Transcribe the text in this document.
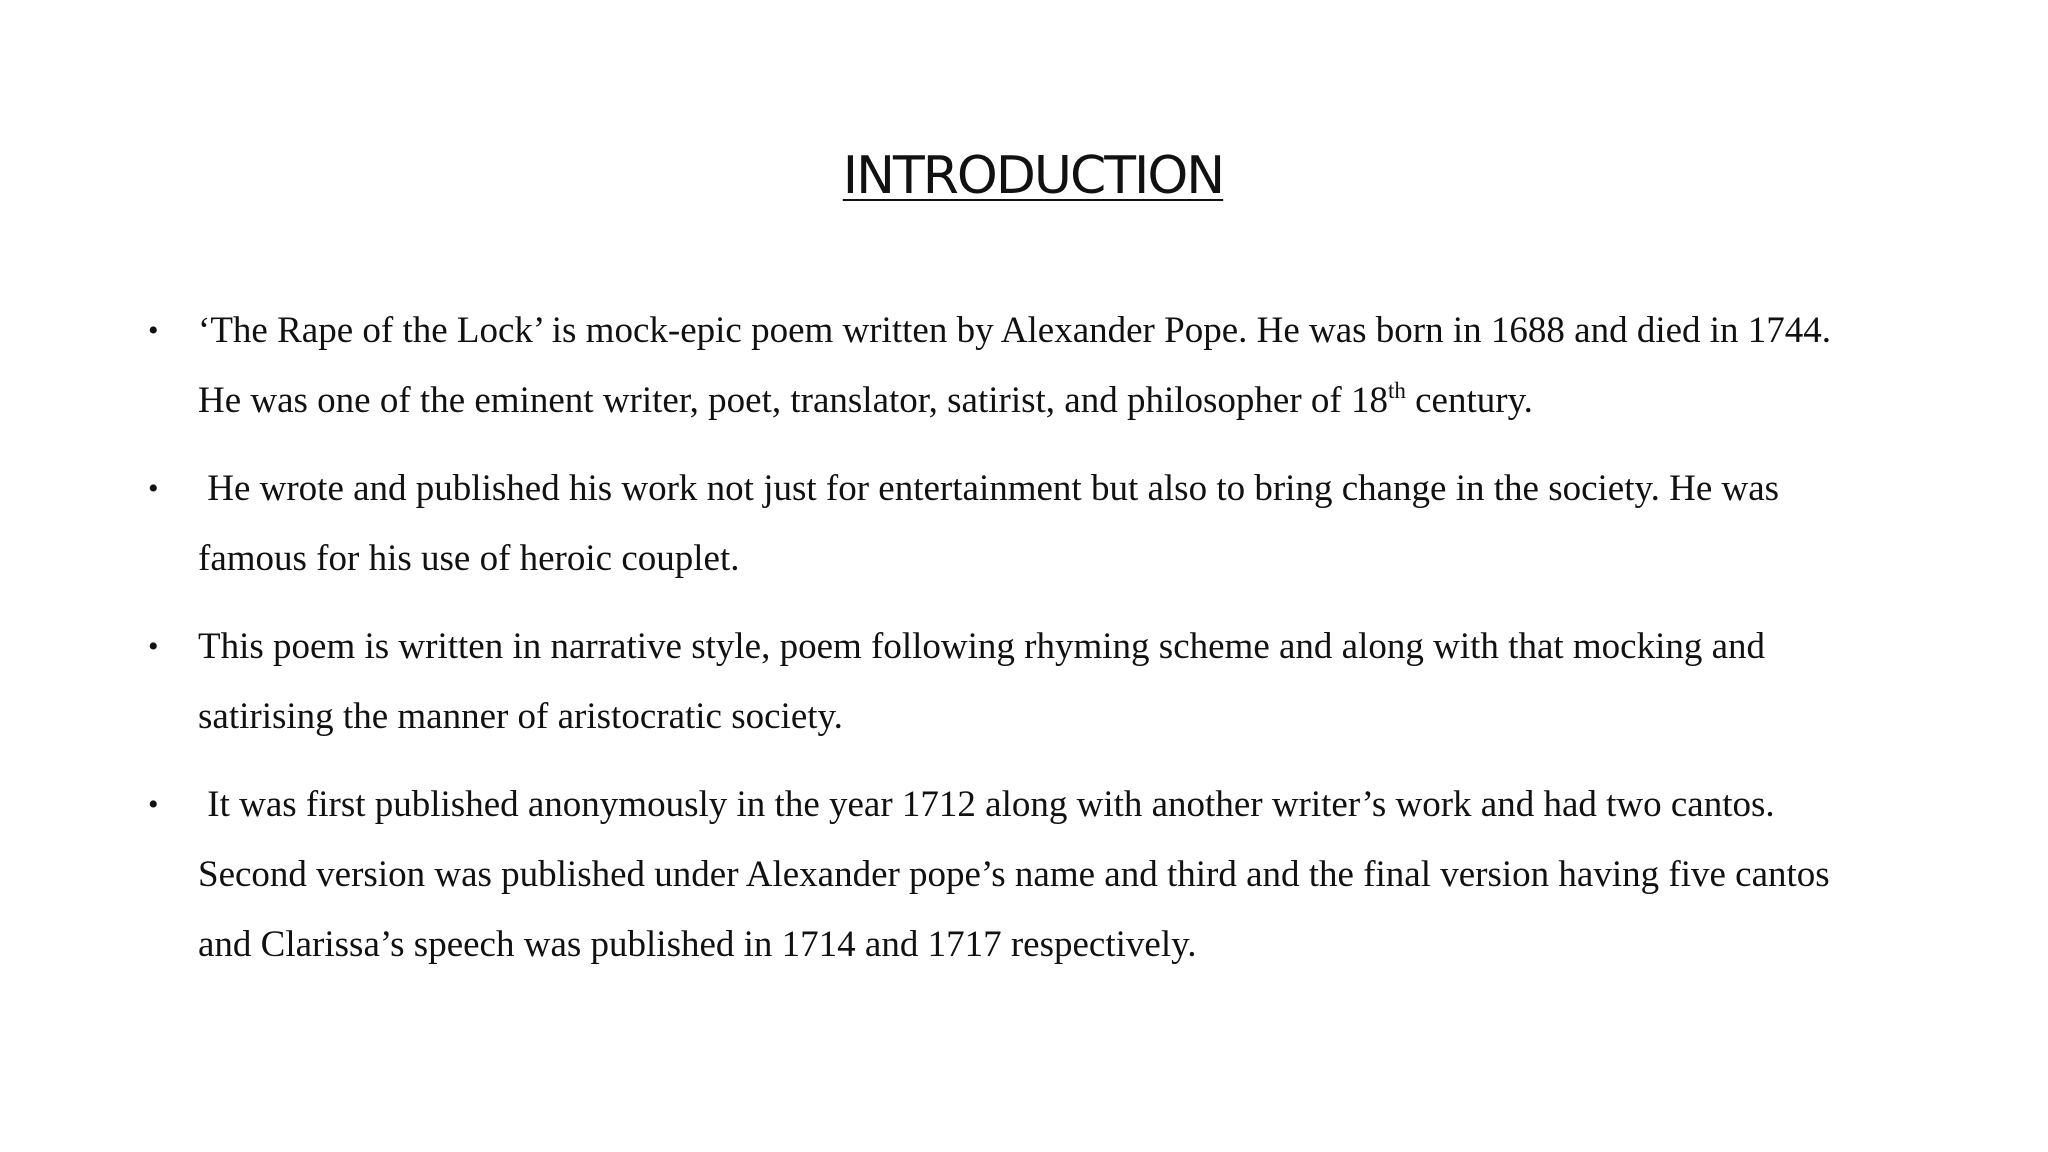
INTRODUCTION
• ‘The Rape of the Lock’ is mock-epic poem written by Alexander Pope. He was born in 1688 and died in 1744.
He was one of the eminent writer, poet, translator, satirist, and philosopher of 18th century.
• He wrote and published his work not just for entertainment but also to bring change in the society. He was
famous for his use of heroic couplet.
• This poem is written in narrative style, poem following rhyming scheme and along with that mocking and
satirising the manner of aristocratic society.
• It was first published anonymously in the year 1712 along with another writer’s work and had two cantos.
Second version was published under Alexander pope’s name and third and the final version having five cantos
and Clarissa’s speech was published in 1714 and 1717 respectively.
